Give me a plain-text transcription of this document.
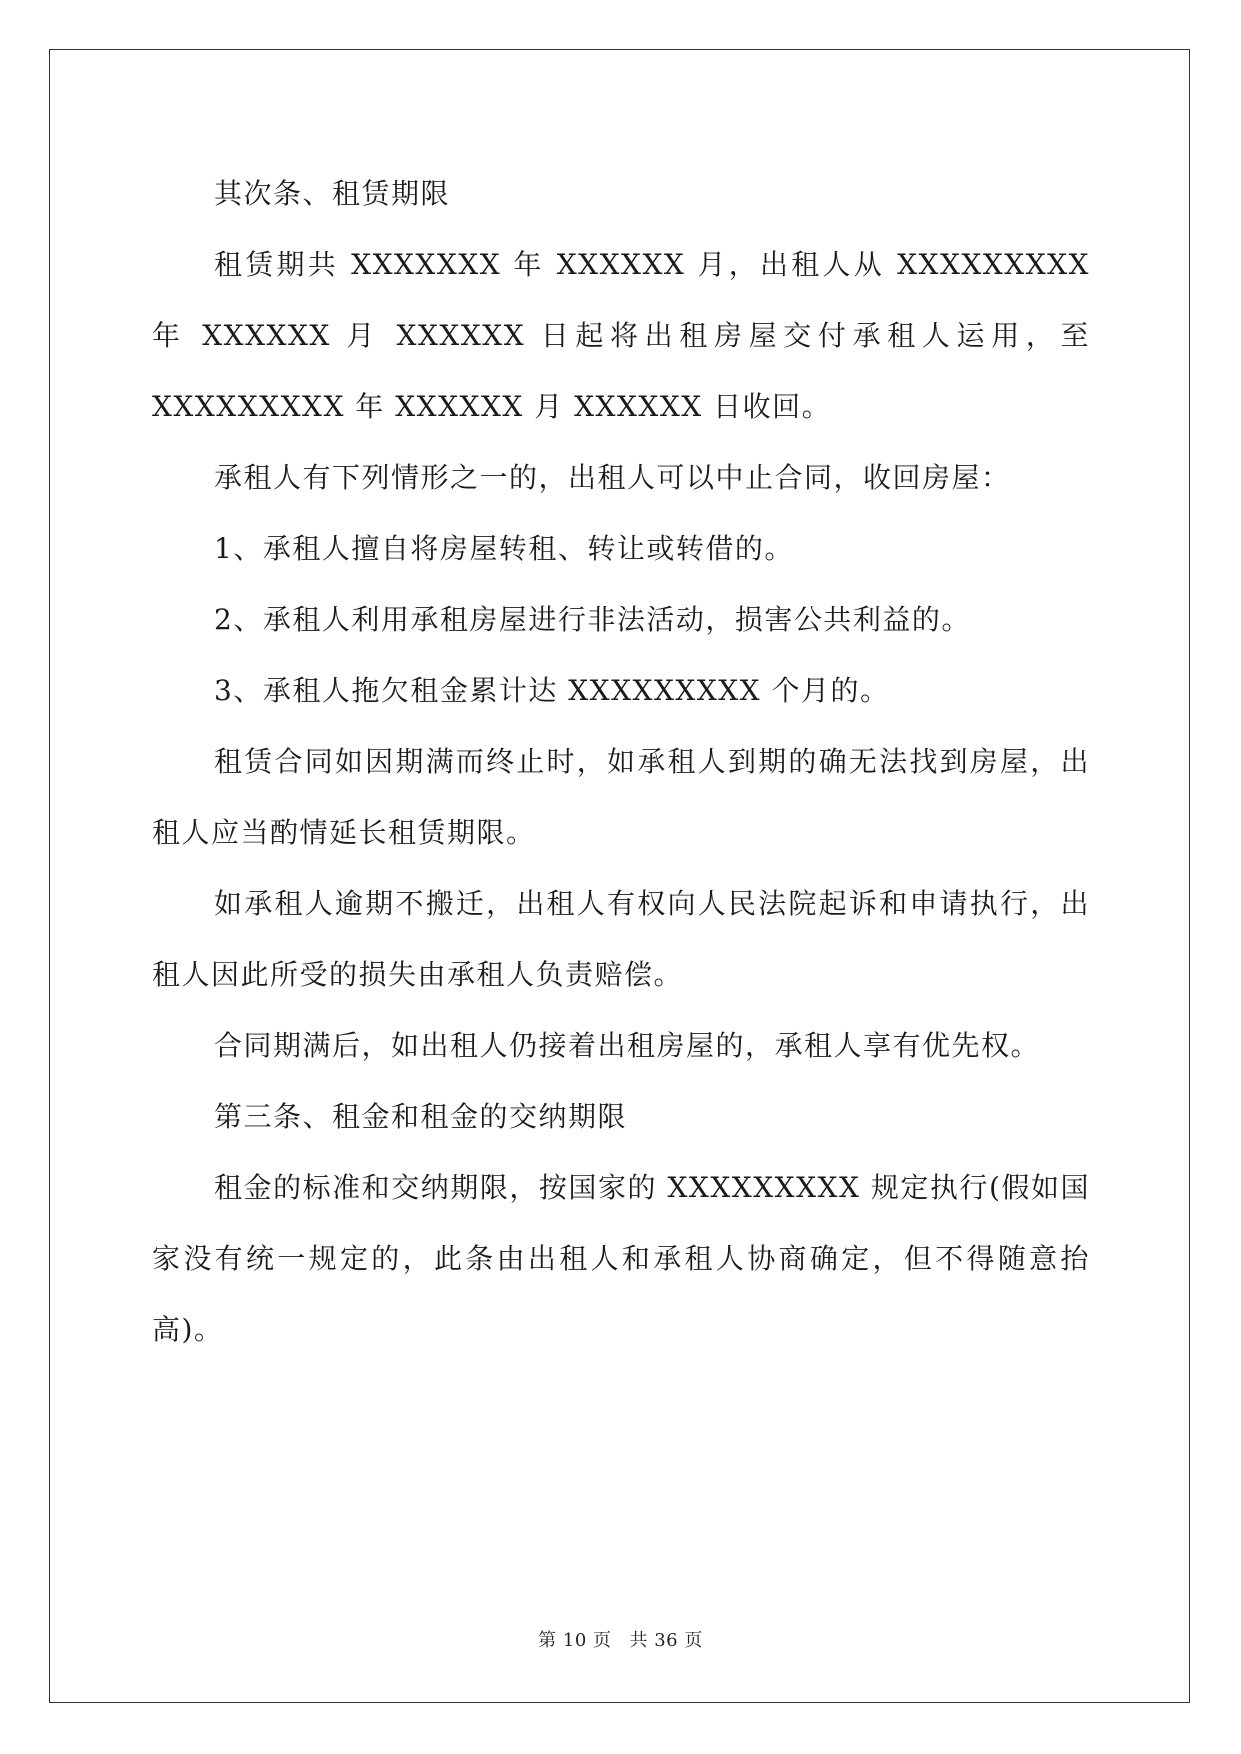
其次条、租赁期限

租赁期共 XXXXXXX 年 XXXXXX 月，出租人从 XXXXXXXXX 年 XXXXXX 月 XXXXXX 日起将出租房屋交付承租人运用，至 XXXXXXXXX 年 XXXXXX 月 XXXXXX 日收回。

承租人有下列情形之一的，出租人可以中止合同，收回房屋：

1、承租人擅自将房屋转租、转让或转借的。

2、承租人利用承租房屋进行非法活动，损害公共利益的。

3、承租人拖欠租金累计达 XXXXXXXXX 个月的。

租赁合同如因期满而终止时，如承租人到期的确无法找到房屋，出租人应当酌情延长租赁期限。

如承租人逾期不搬迁，出租人有权向人民法院起诉和申请执行，出租人因此所受的损失由承租人负责赔偿。

合同期满后，如出租人仍接着出租房屋的，承租人享有优先权。

第三条、租金和租金的交纳期限

租金的标准和交纳期限，按国家的 XXXXXXXXX 规定执行(假如国家没有统一规定的，此条由出租人和承租人协商确定，但不得随意抬高)。

第 10 页 共 36 页
